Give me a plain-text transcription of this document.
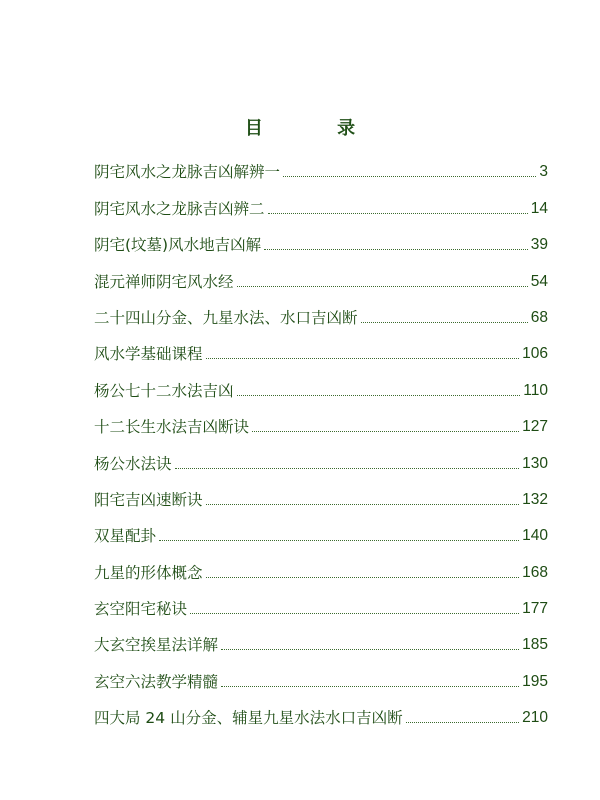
目 录
阴宅风水之龙脉吉凶解辨一	3
阴宅风水之龙脉吉凶辨二	14
阴宅(坟墓)风水地吉凶解	39
混元禅师阴宅风水经	54
二十四山分金、九星水法、水口吉凶断	68
风水学基础课程	106
杨公七十二水法吉凶	110
十二长生水法吉凶断诀	127
杨公水法诀	130
阳宅吉凶速断诀	132
双星配卦	140
九星的形体概念	168
玄空阳宅秘诀	177
大玄空挨星法详解	185
玄空六法教学精髓	195
四大局 24 山分金、辅星九星水法水口吉凶断	210
